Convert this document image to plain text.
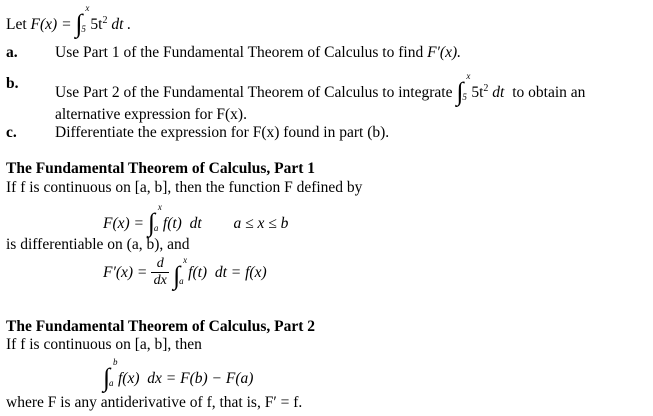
Let F(x) = ∫
x
5 $5t^2$ dt .
a. Use Part 1 of the Fundamental Theorem of Calculus to find F′(x).
b.
Use Part 2 of the Fundamental Theorem of Calculus to integrate ∫
x
5 $5t^2$ dt to obtain an
alternative expression for F(x).
c. Differentiate the expression for F(x) found in part (b).
The Fundamental Theorem of Calculus, Part 1
If f is continuous on [a, b], then the function F defined by
F(x) = ∫
x
a f(t)  dt a ≤ x ≤ b
is differentiable on (a, b), and
$F'(x) = \frac{d}{dx}$ ∫
x
a f(t)  dt = f(x)
The Fundamental Theorem of Calculus, Part 2
If f is continuous on [a, b], then
∫
b
a f(x)  dx = F(b) − F(a)
where F is any antiderivative of f, that is, F′ = f.
